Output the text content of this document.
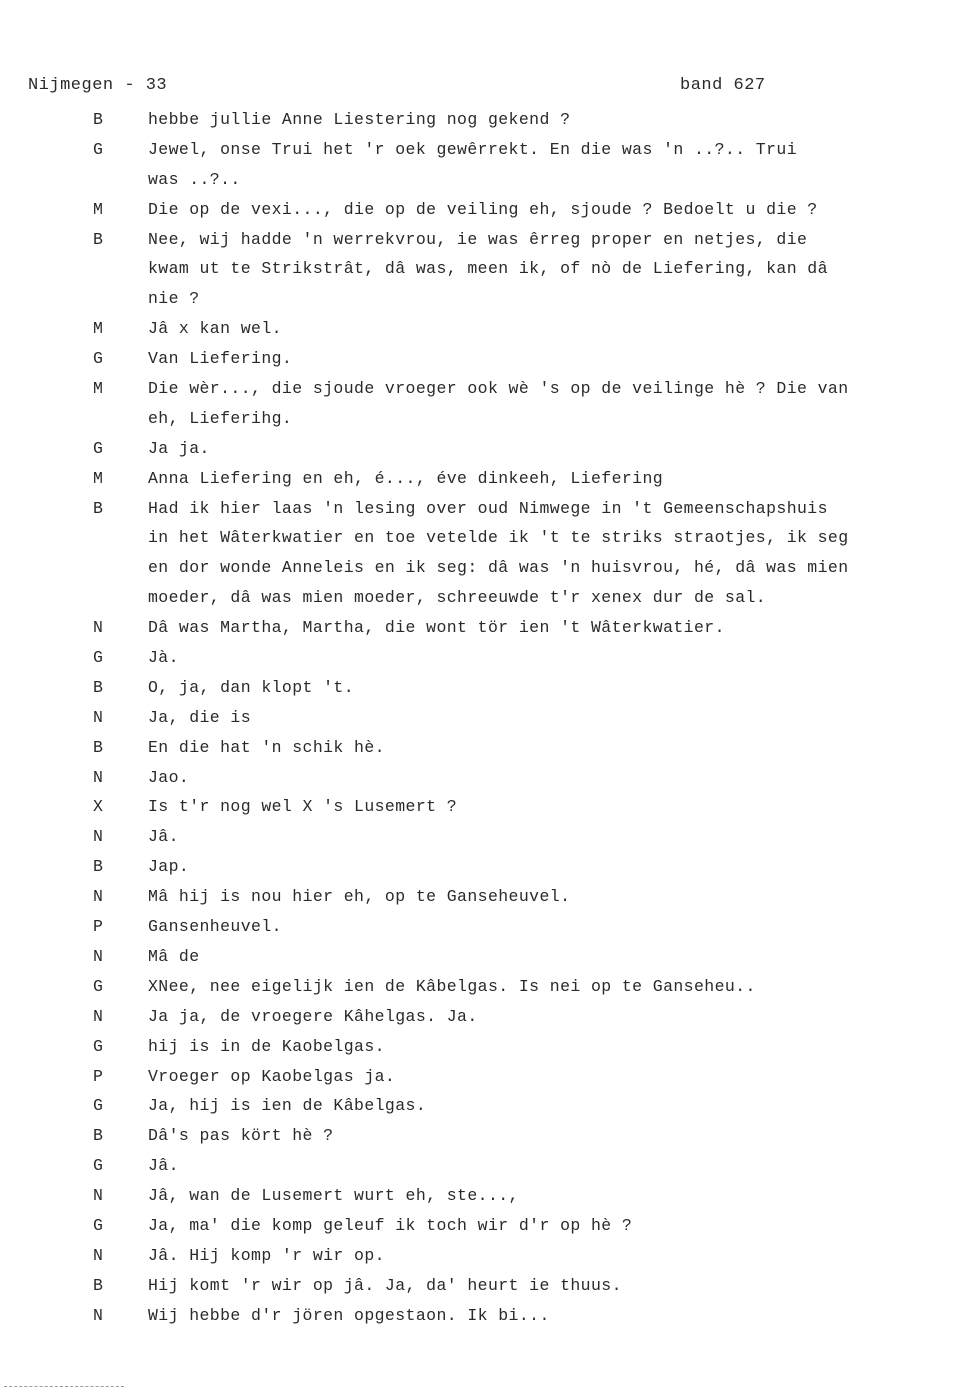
Nijmegen - 33	band 627
B	hebbe jullie Anne Liestering nog gekend ?
G	Jewel, onse Trui het 'r oek gewêrrekt. En die was 'n ..?.. Trui
was ..?..
M	Die op de vexi..., die op de veiling eh, sjoude ? Bedoelt u die ?
B	Nee, wij hadde 'n werrekvrou, ie was êrreg proper en netjes, die
kwam ut te Strikstrât, dâ was, meen ik, of nò de Liefering, kan dâ
nie ?
M	Jâ x kan wel.
G	Van Liefering.
M	Die wèr..., die sjoude vroeger ook wè 's op de veilinge hè ? Die van
eh, Lieferihg.
G	Ja ja.
M	Anna Liefering en eh, é..., éve dinkeeh, Liefering
B	Had ik hier laas 'n lesing over oud Nimwege in 't Gemeenschapshuis
in het Wâterkwatier en toe vetelde ik 't te striks straotjes, ik seg
en dor wonde Anneleis en ik seg: dâ was 'n huisvrou, hé, dâ was mien
moeder, dâ was mien moeder, schreeuwde t'r xenex dur de sal.
N	Dâ was Martha, Martha, die wont tör ien 't Wâterkwatier.
G	Jà.
B	O, ja, dan klopt 't.
N	Ja, die is
B	En die hat 'n schik hè.
N	Jao.
X	Is t'r nog wel X 's Lusemert ?
N	Jâ.
B	Jap.
N	Mâ hij is nou hier eh, op te Ganseheuvel.
P	Gansenheuvel.
N	Mâ de
G	XNee, nee eigelijk ien de Kâbelgas. Is nei op te Ganseheu..
N	Ja ja, de vroegere Kâhelgas. Ja.
G	hij is in de Kaobelgas.
P	Vroeger op Kaobelgas ja.
G	Ja, hij is ien de Kâbelgas.
B	Dâ's pas kört hè ?
G	Jâ.
N	Jâ, wan de Lusemert wurt eh, ste...,
G	Ja, ma' die komp geleuf ik toch wir d'r op hè ?
N	Jâ. Hij komp 'r wir op.
B	Hij komt 'r wir op jâ. Ja, da' heurt ie thuus.
N	Wij hebbe d'r jören opgestaon. Ik bi...
